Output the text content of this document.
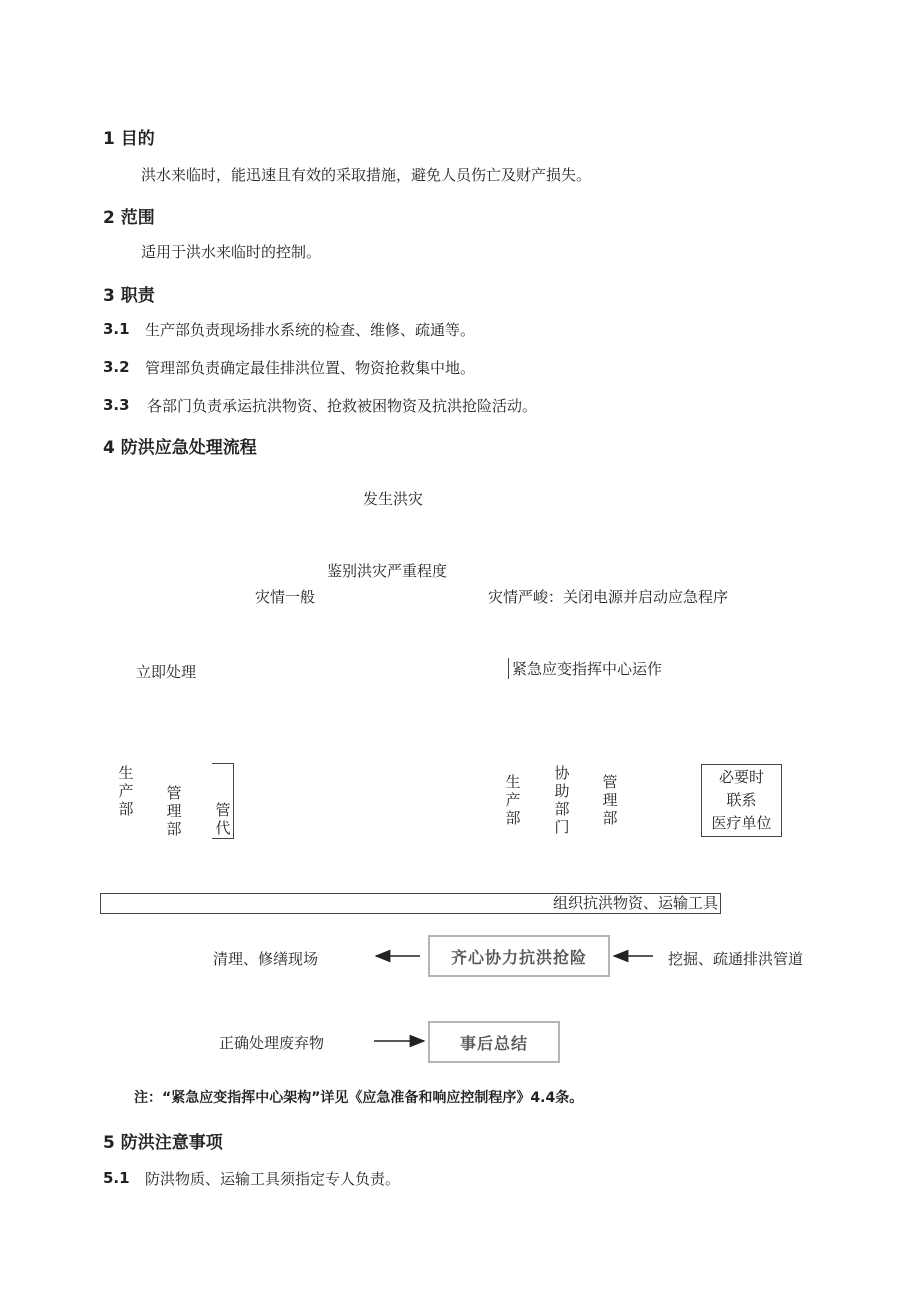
1 目的
洪水来临时，能迅速且有效的采取措施，避免人员伤亡及财产损失。
2 范围
适用于洪水来临时的控制。
3 职责
3.1 生产部负责现场排水系统的检查、维修、疏通等。
3.2 管理部负责确定最佳排洪位置、物资抢救集中地。
3.3 各部门负责承运抗洪物资、抢救被困物资及抗洪抢险活动。
4 防洪应急处理流程
发生洪灾
鉴别洪灾严重程度
灾情一般	灾情严峻：关闭电源并启动应急程序
立即处理	紧急应变指挥中心运作
生产部
管理部
管代
生产部
协助部门
管理部
必要时
联系
医疗单位
组织抗洪物资、运输工具
清理、修缮现场	齐心协力抗洪抢险	挖掘、疏通排洪管道
正确处理废弃物	事后总结
注：“紧急应变指挥中心架构”详见《应急准备和响应控制程序》4.4条。
5 防洪注意事项
5.1 防洪物质、运输工具须指定专人负责。
